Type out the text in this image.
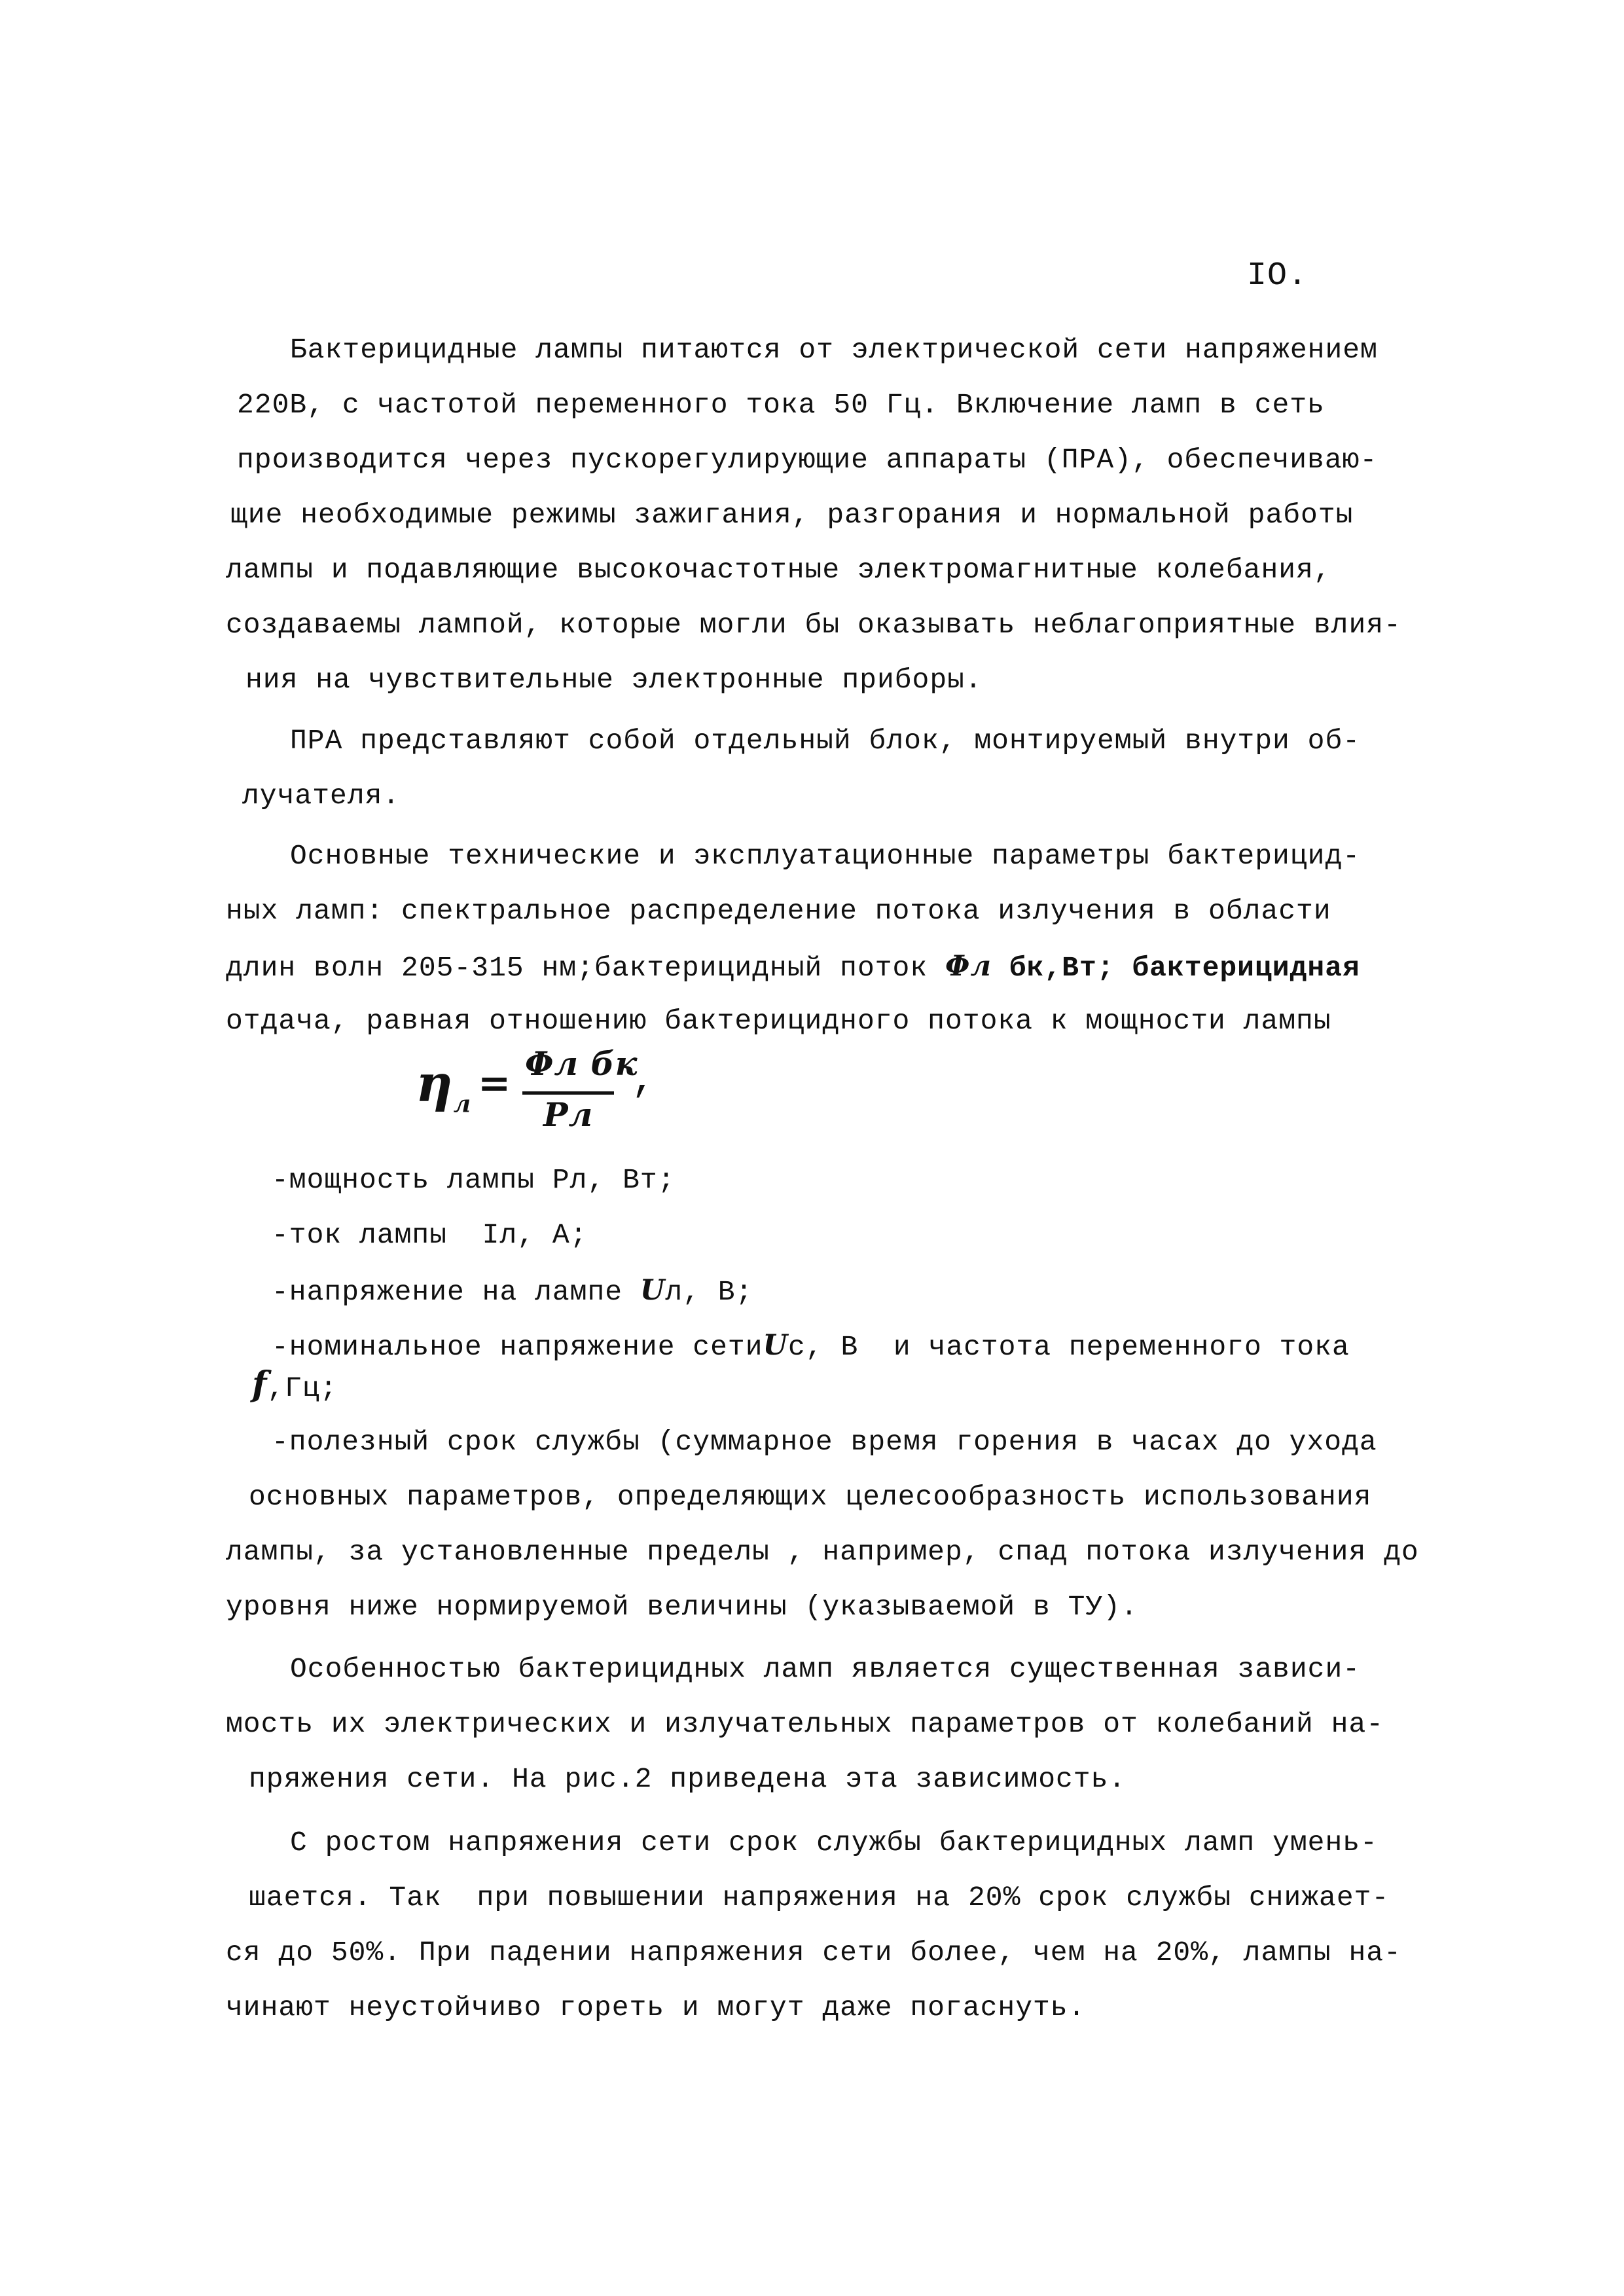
IO.
Бактерицидные лампы питаются от электрической сети напряжением
220В, с частотой переменного тока 50 Гц. Включение ламп в сеть
производится через пускорегулирующие аппараты (ПРА), обеспечиваю-
щие необходимые режимы зажигания, разгорания и нормальной работы
лампы и подавляющие высокочастотные электромагнитные колебания,
создаваемы лампой, которые могли бы оказывать неблагоприятные влия-
ния на чувствительные электронные приборы.
ПРА представляют собой отдельный блок, монтируемый внутри об-
лучателя.
Основные технические и эксплуатационные параметры бактерицид-
ных ламп: спектральное распределение потока излучения в области
длин волн 205-315 нм;бактерицидный поток Φл бк,Вт; бактерицидная
отдача, равная отношению бактерицидного потока к мощности лампы
$\eta_л = \Phi л$ бк
Рл
,
-мощность лампы Рл, Вт;
-ток лампы  Iл, А;
-напряжение на лампе Uл, В;
-номинальное напряжение сетиUс, В  и частота переменного тока
f,Гц;
-полезный срок службы (суммарное время горения в часах до ухода
основных параметров, определяющих целесообразность использования
лампы, за установленные пределы , например, спад потока излучения до
уровня ниже нормируемой величины (указываемой в ТУ).
Особенностью бактерицидных ламп является существенная зависи-
мость их электрических и излучательных параметров от колебаний на-
пряжения сети. На рис.2 приведена эта зависимость.
С ростом напряжения сети срок службы бактерицидных ламп умень-
шается. Так  при повышении напряжения на 20% срок службы снижает-
ся до 50%. При падении напряжения сети более, чем на 20%, лампы на-
чинают неустойчиво гореть и могут даже погаснуть.
